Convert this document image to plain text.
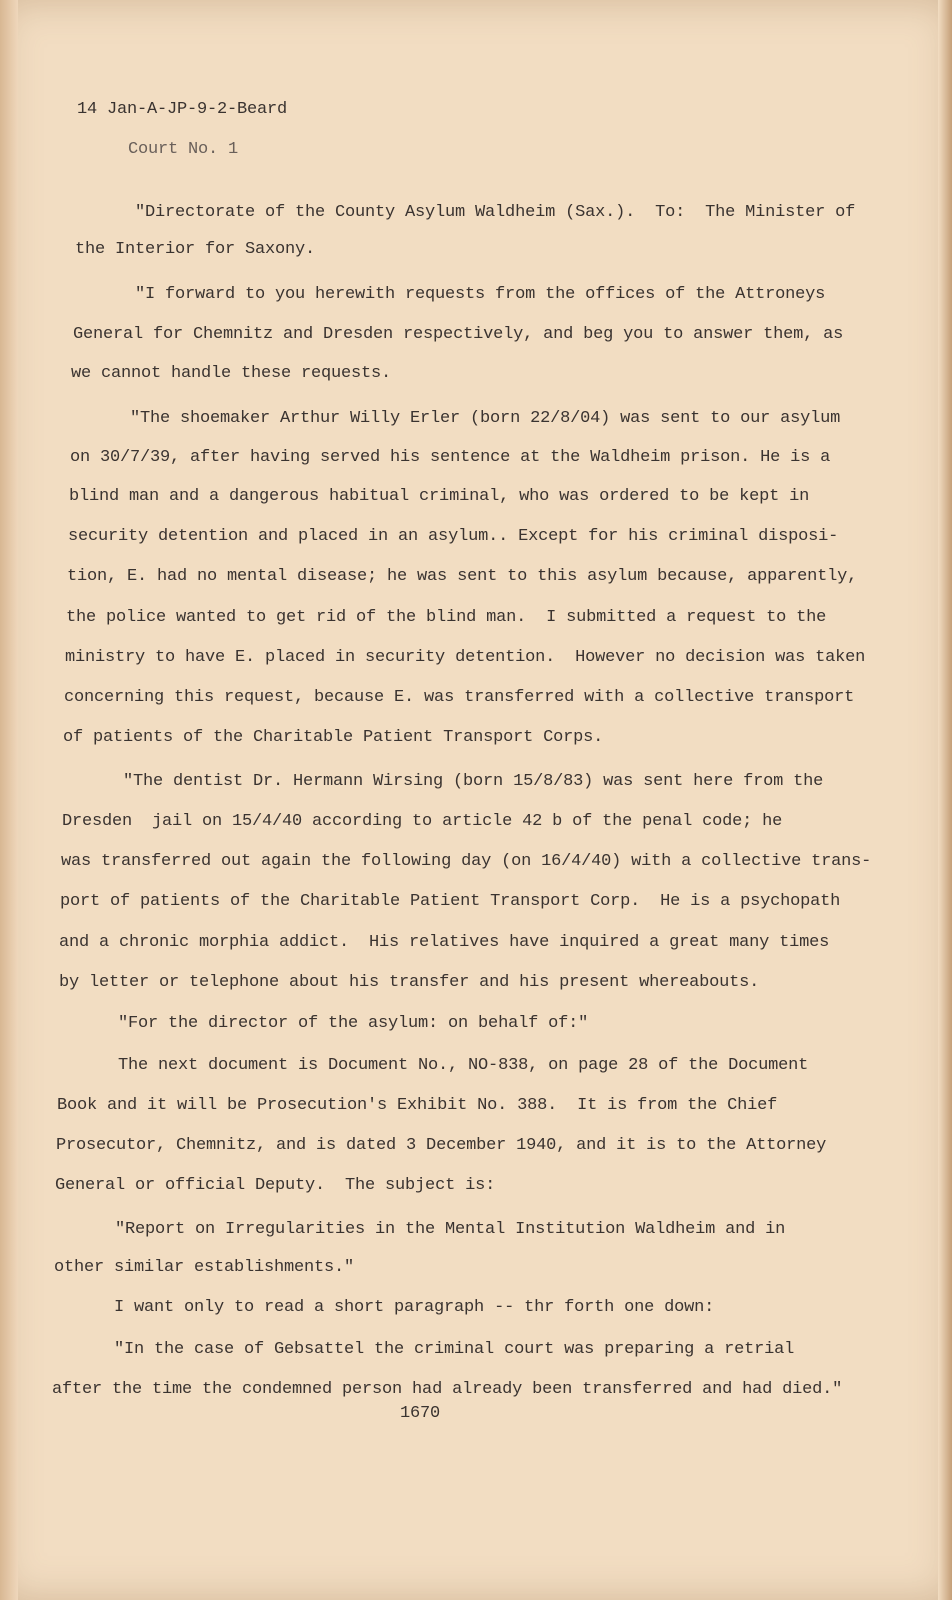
14 Jan-A-JP-9-2-Beard
Court No. 1
"Directorate of the County Asylum Waldheim (Sax.).  To:  The Minister of
the Interior for Saxony.
"I forward to you herewith requests from the offices of the Attroneys
General for Chemnitz and Dresden respectively, and beg you to answer them, as
we cannot handle these requests.
"The shoemaker Arthur Willy Erler (born 22/8/04) was sent to our asylum
on 30/7/39, after having served his sentence at the Waldheim prison. He is a
blind man and a dangerous habitual criminal, who was ordered to be kept in
security detention and placed in an asylum.. Except for his criminal disposi-
tion, E. had no mental disease; he was sent to this asylum because, apparently,
the police wanted to get rid of the blind man.  I submitted a request to the
ministry to have E. placed in security detention.  However no decision was taken
concerning this request, because E. was transferred with a collective transport
of patients of the Charitable Patient Transport Corps.
"The dentist Dr. Hermann Wirsing (born 15/8/83) was sent here from the
Dresden  jail on 15/4/40 according to article 42 b of the penal code; he
was transferred out again the following day (on 16/4/40) with a collective trans-
port of patients of the Charitable Patient Transport Corp.  He is a psychopath
and a chronic morphia addict.  His relatives have inquired a great many times
by letter or telephone about his transfer and his present whereabouts.
"For the director of the asylum: on behalf of:"
The next document is Document No., NO-838, on page 28 of the Document
Book and it will be Prosecution's Exhibit No. 388.  It is from the Chief
Prosecutor, Chemnitz, and is dated 3 December 1940, and it is to the Attorney
General or official Deputy.  The subject is:
"Report on Irregularities in the Mental Institution Waldheim and in
other similar establishments."
I want only to read a short paragraph -- thr forth one down:
"In the case of Gebsattel the criminal court was preparing a retrial
after the time the condemned person had already been transferred and had died."
1670
